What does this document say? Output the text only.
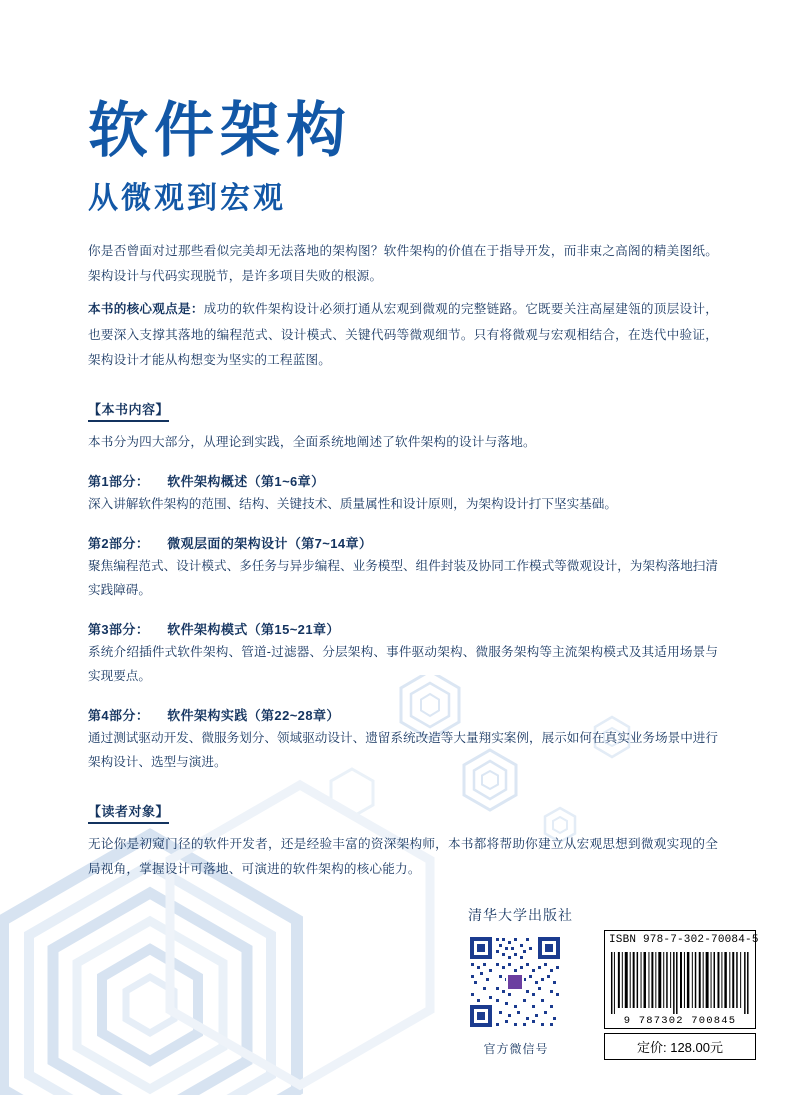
软件架构
从微观到宏观

你是否曾面对过那些看似完美却无法落地的架构图？软件架构的价值在于指导开发，而非束之高阁的精美图纸。架构设计与代码实现脱节，是许多项目失败的根源。

本书的核心观点是：成功的软件架构设计必须打通从宏观到微观的完整链路。它既要关注高屋建瓴的顶层设计，也要深入支撑其落地的编程范式、设计模式、关键代码等微观细节。只有将微观与宏观相结合，在迭代中验证，架构设计才能从构想变为坚实的工程蓝图。

【本书内容】

本书分为四大部分，从理论到实践，全面系统地阐述了软件架构的设计与落地。

第1部分： 软件架构概述（第1~6章）
深入讲解软件架构的范围、结构、关键技术、质量属性和设计原则，为架构设计打下坚实基础。
第2部分： 微观层面的架构设计（第7~14章）
聚焦编程范式、设计模式、多任务与异步编程、业务模型、组件封装及协同工作模式等微观设计，为架构落地扫清实践障碍。
第3部分： 软件架构模式（第15~21章）
系统介绍插件式软件架构、管道-过滤器、分层架构、事件驱动架构、微服务架构等主流架构模式及其适用场景与实现要点。
第4部分： 软件架构实践（第22~28章）
通过测试驱动开发、微服务划分、领域驱动设计、遗留系统改造等大量翔实案例，展示如何在真实业务场景中进行架构设计、选型与演进。
【读者对象】

无论你是初窥门径的软件开发者，还是经验丰富的资深架构师，本书都将帮助你建立从宏观思想到微观实现的全局视角，掌握设计可落地、可演进的软件架构的核心能力。

清华大学出版社
官方微信号
ISBN 978-7-302-70084-5
9 787302 700845
定价: 128.00元
